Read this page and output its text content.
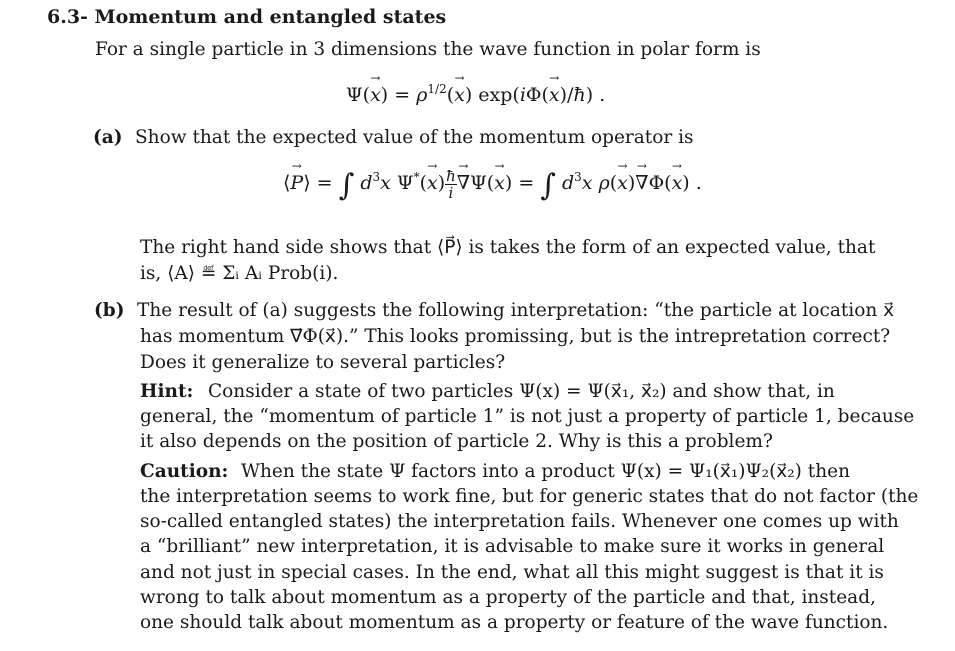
6.3- Momentum and entangled states
For a single particle in 3 dimensions the wave function in polar form is
$\Psi(\to x) = \rho^{1/2}(\to x)$ exp(iΦ(→ x)/ħ) .
(a) Show that the expected value of the momentum operator is
⟨→ P⟩ = ∫ $d^3x$ $\Psi^*(\to x) \frac{ħ}{i}$
→ ∇Ψ(→ x) = ∫ $d^3x$ ρ(→ x)→ ∇Φ(→ x) .
The right hand side shows that ⟨P⃗⟩ is takes the form of an expected value, that
is, ⟨A⟩ ≝ Σᵢ Aᵢ Prob(i).
(b) The result of (a) suggests the following interpretation: “the particle at location x⃗
has momentum ∇⃗Φ(x⃗).” This looks promissing, but is the intrepretation correct?
Does it generalize to several particles?
Hint: Consider a state of two particles Ψ(x) = Ψ(x⃗₁, x⃗₂) and show that, in
general, the “momentum of particle 1” is not just a property of particle 1, because
it also depends on the position of particle 2. Why is this a problem?
Caution: When the state Ψ factors into a product Ψ(x) = Ψ₁(x⃗₁)Ψ₂(x⃗₂) then
the interpretation seems to work fine, but for generic states that do not factor (the
so-called entangled states) the interpretation fails. Whenever one comes up with
a “brilliant” new interpretation, it is advisable to make sure it works in general
and not just in special cases. In the end, what all this might suggest is that it is
wrong to talk about momentum as a property of the particle and that, instead,
one should talk about momentum as a property or feature of the wave function.
